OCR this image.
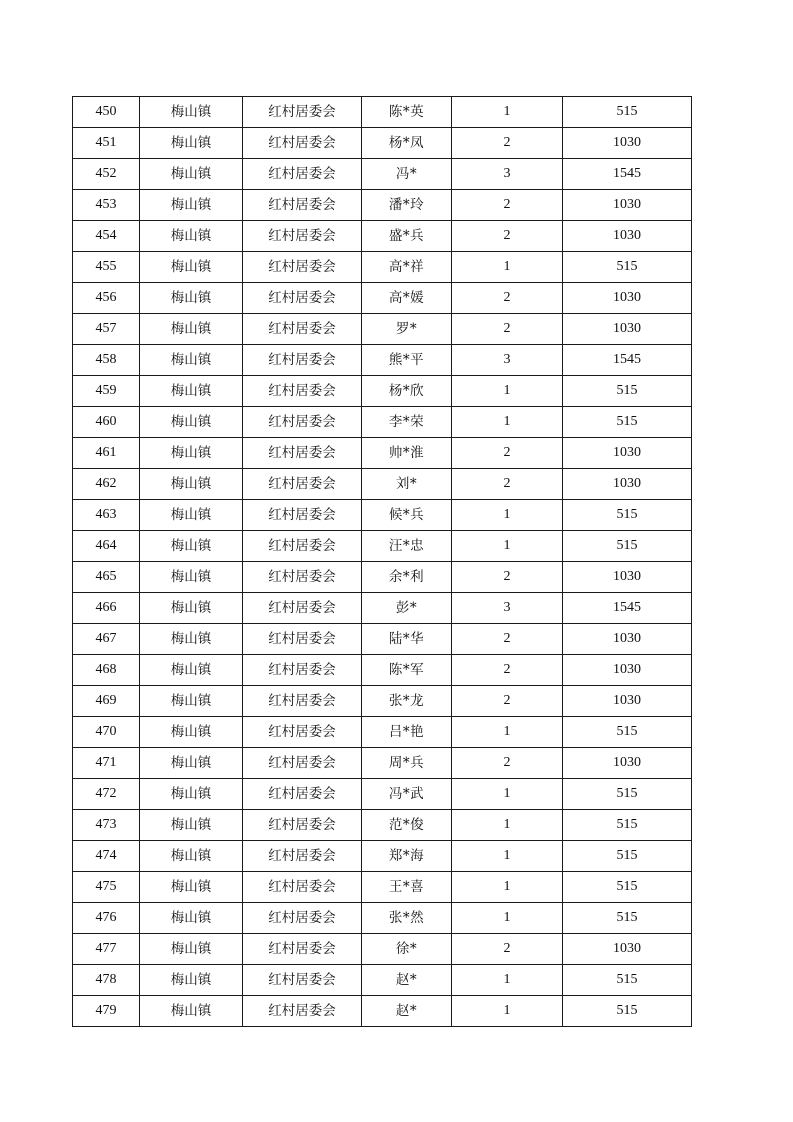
450	梅山镇	红村居委会	陈*英	1	515
451	梅山镇	红村居委会	杨*凤	2	1030
452	梅山镇	红村居委会	冯*	3	1545
453	梅山镇	红村居委会	潘*玲	2	1030
454	梅山镇	红村居委会	盛*兵	2	1030
455	梅山镇	红村居委会	高*祥	1	515
456	梅山镇	红村居委会	高*媛	2	1030
457	梅山镇	红村居委会	罗*	2	1030
458	梅山镇	红村居委会	熊*平	3	1545
459	梅山镇	红村居委会	杨*欣	1	515
460	梅山镇	红村居委会	李*荣	1	515
461	梅山镇	红村居委会	帅*淮	2	1030
462	梅山镇	红村居委会	刘*	2	1030
463	梅山镇	红村居委会	候*兵	1	515
464	梅山镇	红村居委会	汪*忠	1	515
465	梅山镇	红村居委会	余*利	2	1030
466	梅山镇	红村居委会	彭*	3	1545
467	梅山镇	红村居委会	陆*华	2	1030
468	梅山镇	红村居委会	陈*军	2	1030
469	梅山镇	红村居委会	张*龙	2	1030
470	梅山镇	红村居委会	吕*艳	1	515
471	梅山镇	红村居委会	周*兵	2	1030
472	梅山镇	红村居委会	冯*武	1	515
473	梅山镇	红村居委会	范*俊	1	515
474	梅山镇	红村居委会	郑*海	1	515
475	梅山镇	红村居委会	王*喜	1	515
476	梅山镇	红村居委会	张*然	1	515
477	梅山镇	红村居委会	徐*	2	1030
478	梅山镇	红村居委会	赵*	1	515
479	梅山镇	红村居委会	赵*	1	515
